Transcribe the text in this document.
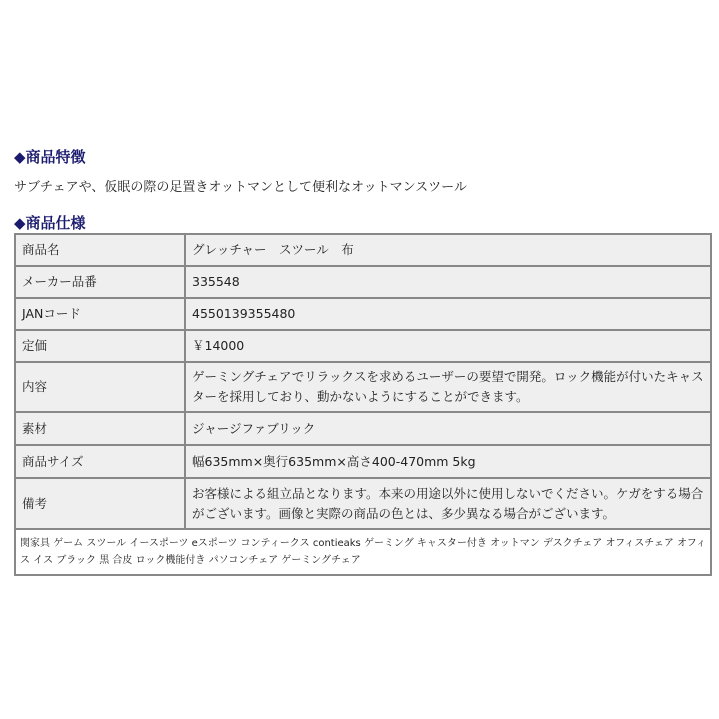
◆商品特徴
サブチェアや、仮眠の際の足置きオットマンとして便利なオットマンスツール
◆商品仕様
商品名	グレッチャー　スツール　布
メーカー品番	335548
JANコード	4550139355480
定価	￥14000
内容	ゲーミングチェアでリラックスを求めるユーザーの要望で開発。ロック機能が付いたキャスターを採用しており、動かないようにすることができます。
素材	ジャージファブリック
商品サイズ	幅635mm×奥行635mm×高さ400-470mm 5kg
備考	お客様による組立品となります。本来の用途以外に使用しないでください。ケガをする場合がございます。画像と実際の商品の色とは、多少異なる場合がございます。
関家具 ゲーム スツール イースポーツ eスポーツ コンティークス contieaks ゲーミング キャスター付き オットマン デスクチェア オフィスチェア オフィス イス ブラック 黒 合皮 ロック機能付き パソコンチェア ゲーミングチェア	
